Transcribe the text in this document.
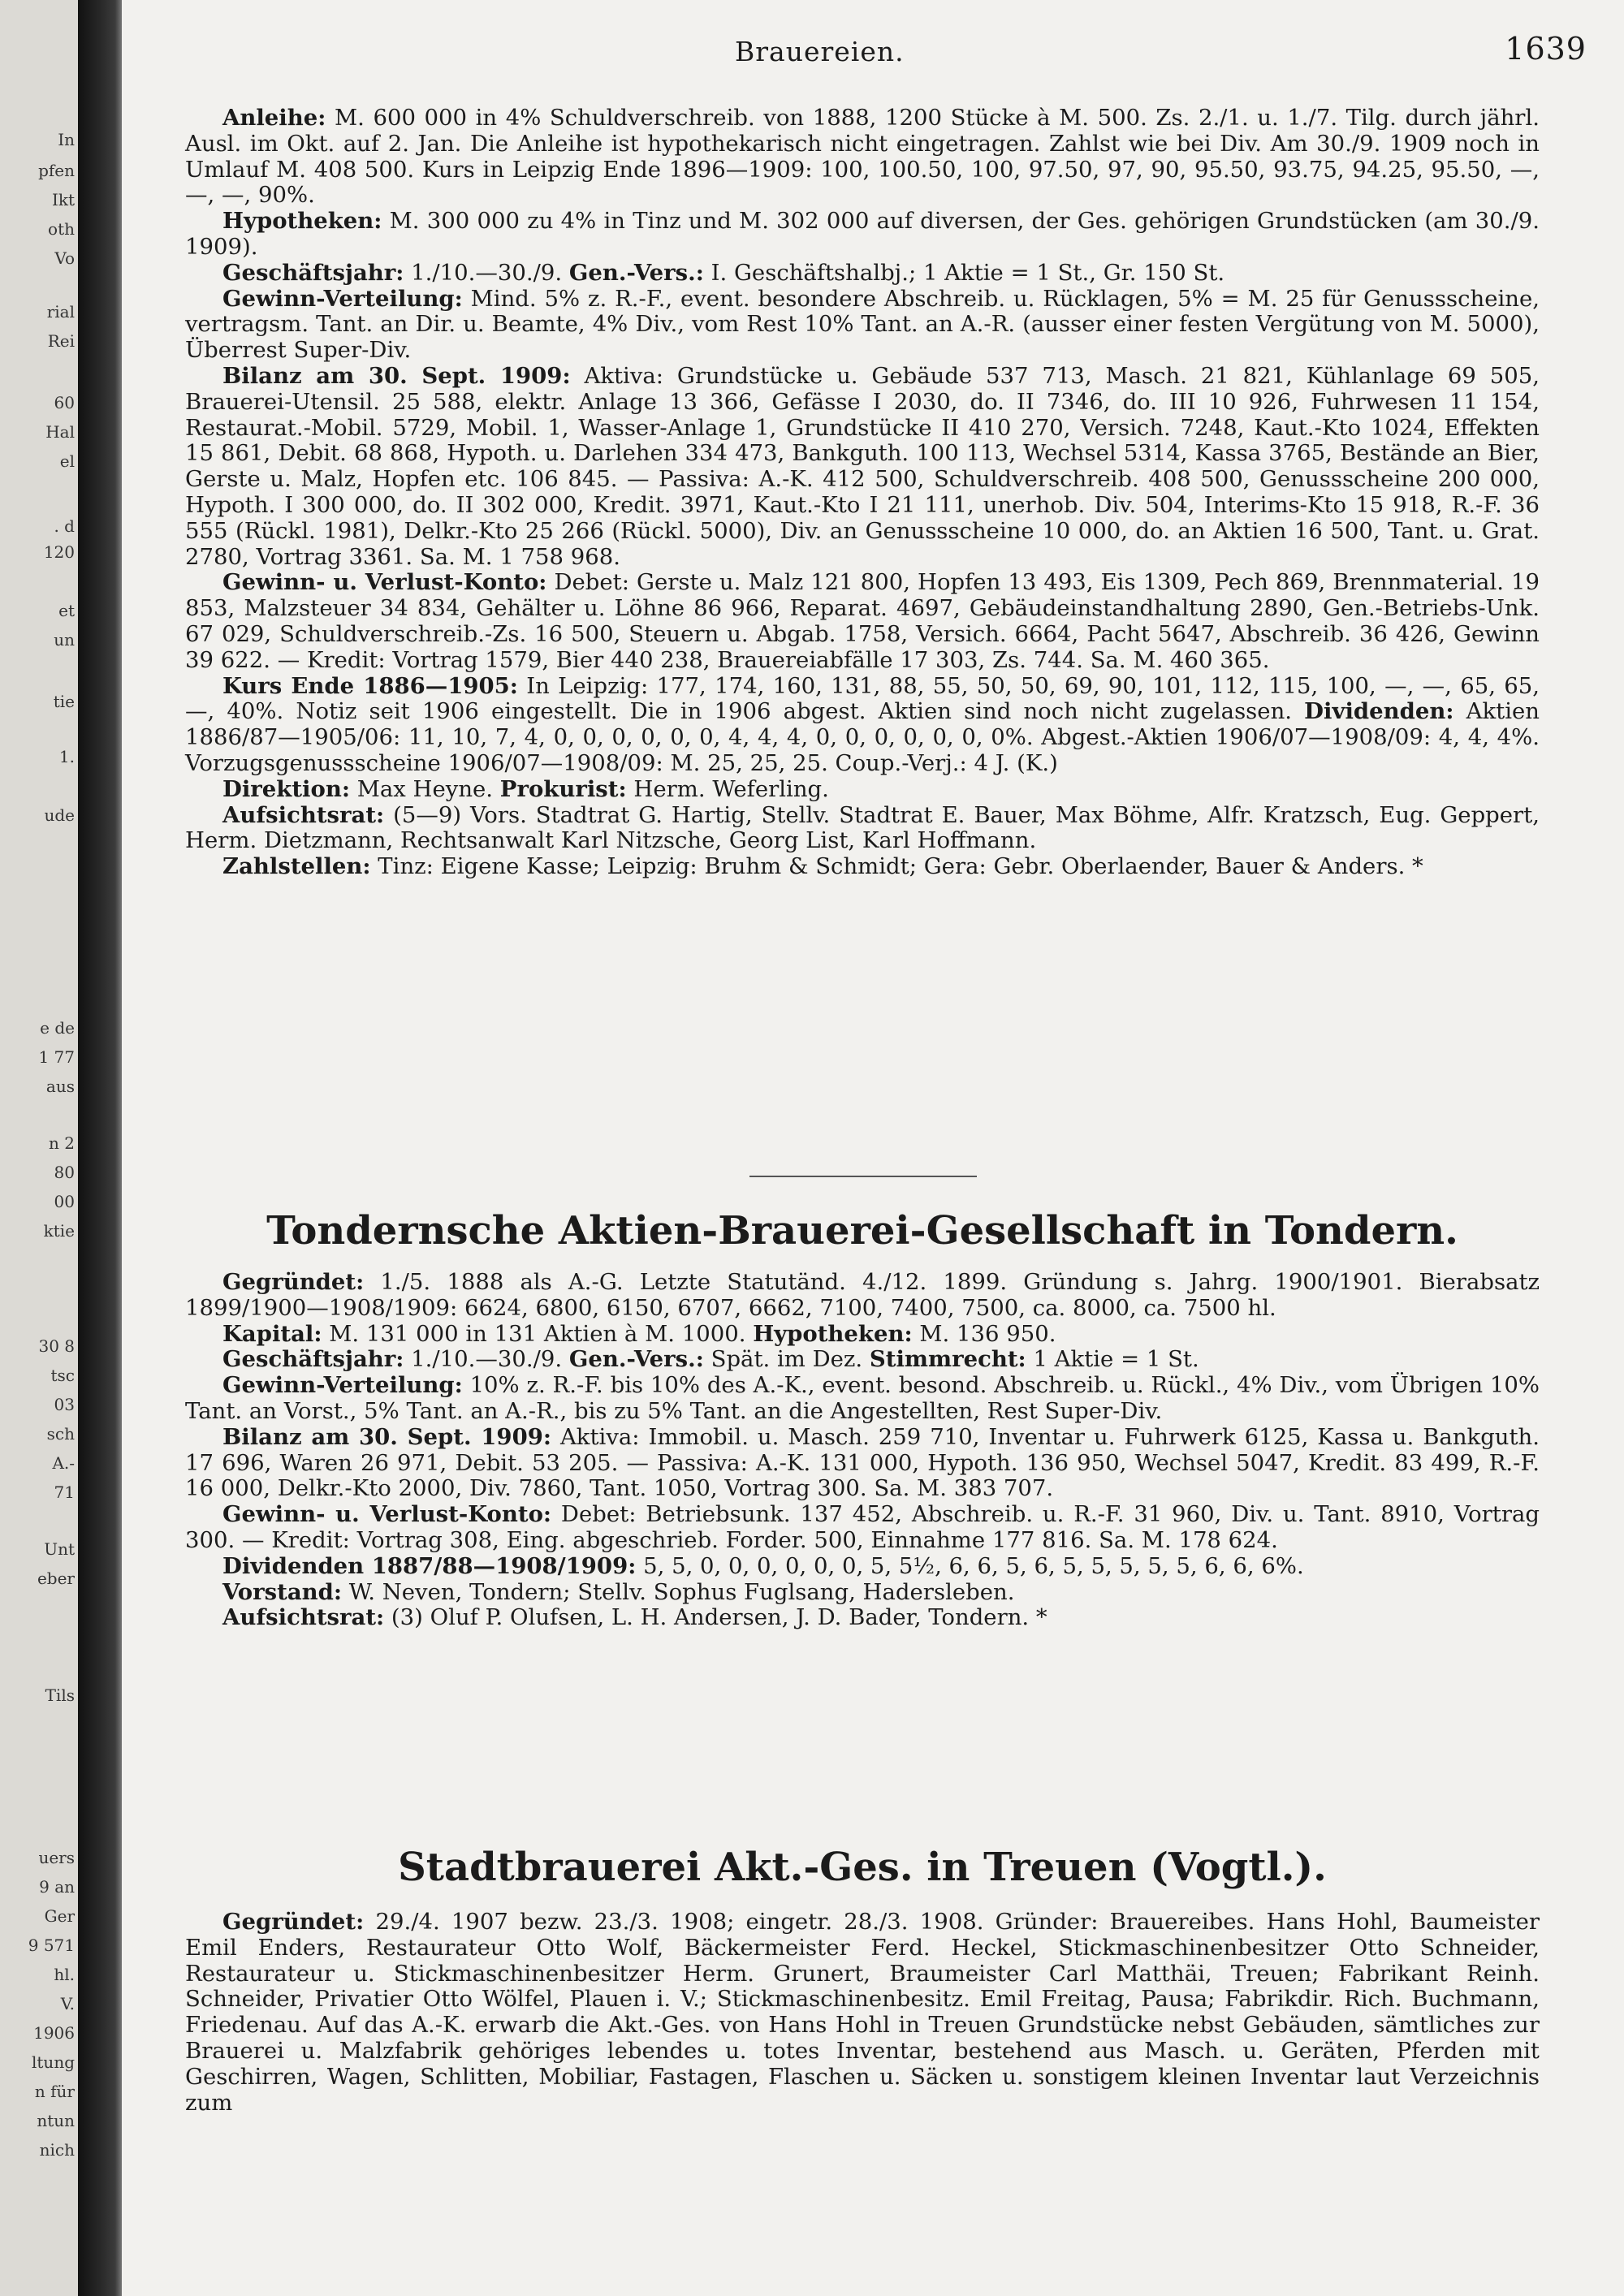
In
pfen
Ikt
oth
Vo
rial
Rei
60
Hal
el
. d
120
et
un
tie
1.
ude
e de
1 77
aus
n 2
80
00
ktie
30 8
tsc
03
sch
A.-
71
Unt
eber
Tils
uers
9 an
Ger
9 571
hl.
V.
1906
ltung
n für
ntun
nich
Brauereien.	1639

Anleihe: M. 600 000 in 4% Schuldverschreib. von 1888, 1200 Stücke à M. 500. Zs. 2./1. u. 1./7. Tilg. durch jährl. Ausl. im Okt. auf 2. Jan. Die Anleihe ist hypothekarisch nicht eingetragen. Zahlst wie bei Div. Am 30./9. 1909 noch in Umlauf M. 408 500. Kurs in Leipzig Ende 1896—1909: 100, 100.50, 100, 97.50, 97, 90, 95.50, 93.75, 94.25, 95.50, —, —, —, 90%.

Hypotheken: M. 300 000 zu 4% in Tinz und M. 302 000 auf diversen, der Ges. gehörigen Grundstücken (am 30./9. 1909).

Geschäftsjahr: 1./10.—30./9. Gen.-Vers.: I. Geschäftshalbj.; 1 Aktie = 1 St., Gr. 150 St.

Gewinn-Verteilung: Mind. 5% z. R.-F., event. besondere Abschreib. u. Rücklagen, 5% = M. 25 für Genussscheine, vertragsm. Tant. an Dir. u. Beamte, 4% Div., vom Rest 10% Tant. an A.-R. (ausser einer festen Vergütung von M. 5000), Überrest Super-Div.

Bilanz am 30. Sept. 1909: Aktiva: Grundstücke u. Gebäude 537 713, Masch. 21 821, Kühlanlage 69 505, Brauerei-Utensil. 25 588, elektr. Anlage 13 366, Gefässe I 2030, do. II 7346, do. III 10 926, Fuhrwesen 11 154, Restaurat.-Mobil. 5729, Mobil. 1, Wasser-Anlage 1, Grundstücke II 410 270, Versich. 7248, Kaut.-Kto 1024, Effekten 15 861, Debit. 68 868, Hypoth. u. Darlehen 334 473, Bankguth. 100 113, Wechsel 5314, Kassa 3765, Bestände an Bier, Gerste u. Malz, Hopfen etc. 106 845. — Passiva: A.-K. 412 500, Schuldverschreib. 408 500, Genussscheine 200 000, Hypoth. I 300 000, do. II 302 000, Kredit. 3971, Kaut.-Kto I 21 111, unerhob. Div. 504, Interims-Kto 15 918, R.-F. 36 555 (Rückl. 1981), Delkr.-Kto 25 266 (Rückl. 5000), Div. an Genussscheine 10 000, do. an Aktien 16 500, Tant. u. Grat. 2780, Vortrag 3361. Sa. M. 1 758 968.

Gewinn- u. Verlust-Konto: Debet: Gerste u. Malz 121 800, Hopfen 13 493, Eis 1309, Pech 869, Brennmaterial. 19 853, Malzsteuer 34 834, Gehälter u. Löhne 86 966, Reparat. 4697, Gebäudeinstandhaltung 2890, Gen.-Betriebs-Unk. 67 029, Schuldverschreib.-Zs. 16 500, Steuern u. Abgab. 1758, Versich. 6664, Pacht 5647, Abschreib. 36 426, Gewinn 39 622. — Kredit: Vortrag 1579, Bier 440 238, Brauereiabfälle 17 303, Zs. 744. Sa. M. 460 365.

Kurs Ende 1886—1905: In Leipzig: 177, 174, 160, 131, 88, 55, 50, 50, 69, 90, 101, 112, 115, 100, —, —, 65, 65, —, 40%. Notiz seit 1906 eingestellt. Die in 1906 abgest. Aktien sind noch nicht zugelassen. Dividenden: Aktien 1886/87—1905/06: 11, 10, 7, 4, 0, 0, 0, 0, 0, 0, 4, 4, 4, 0, 0, 0, 0, 0, 0, 0%. Abgest.-Aktien 1906/07—1908/09: 4, 4, 4%. Vorzugsgenussscheine 1906/07—1908/09: M. 25, 25, 25. Coup.-Verj.: 4 J. (K.)

Direktion: Max Heyne. Prokurist: Herm. Weferling.

Aufsichtsrat: (5—9) Vors. Stadtrat G. Hartig, Stellv. Stadtrat E. Bauer, Max Böhme, Alfr. Kratzsch, Eug. Geppert, Herm. Dietzmann, Rechtsanwalt Karl Nitzsche, Georg List, Karl Hoffmann.

Zahlstellen: Tinz: Eigene Kasse; Leipzig: Bruhm & Schmidt; Gera: Gebr. Oberlaender, Bauer & Anders. *

Tondernsche Aktien-Brauerei-Gesellschaft in Tondern.

Gegründet: 1./5. 1888 als A.-G. Letzte Statutänd. 4./12. 1899. Gründung s. Jahrg. 1900/1901. Bierabsatz 1899/1900—1908/1909: 6624, 6800, 6150, 6707, 6662, 7100, 7400, 7500, ca. 8000, ca. 7500 hl.

Kapital: M. 131 000 in 131 Aktien à M. 1000. Hypotheken: M. 136 950.

Geschäftsjahr: 1./10.—30./9. Gen.-Vers.: Spät. im Dez. Stimmrecht: 1 Aktie = 1 St.

Gewinn-Verteilung: 10% z. R.-F. bis 10% des A.-K., event. besond. Abschreib. u. Rückl., 4% Div., vom Übrigen 10% Tant. an Vorst., 5% Tant. an A.-R., bis zu 5% Tant. an die Angestellten, Rest Super-Div.

Bilanz am 30. Sept. 1909: Aktiva: Immobil. u. Masch. 259 710, Inventar u. Fuhrwerk 6125, Kassa u. Bankguth. 17 696, Waren 26 971, Debit. 53 205. — Passiva: A.-K. 131 000, Hypoth. 136 950, Wechsel 5047, Kredit. 83 499, R.-F. 16 000, Delkr.-Kto 2000, Div. 7860, Tant. 1050, Vortrag 300. Sa. M. 383 707.

Gewinn- u. Verlust-Konto: Debet: Betriebsunk. 137 452, Abschreib. u. R.-F. 31 960, Div. u. Tant. 8910, Vortrag 300. — Kredit: Vortrag 308, Eing. abgeschrieb. Forder. 500, Einnahme 177 816. Sa. M. 178 624.

Dividenden 1887/88—1908/1909: 5, 5, 0, 0, 0, 0, 0, 0, 5, 5½, 6, 6, 5, 6, 5, 5, 5, 5, 5, 6, 6, 6%.

Vorstand: W. Neven, Tondern; Stellv. Sophus Fuglsang, Hadersleben.

Aufsichtsrat: (3) Oluf P. Olufsen, L. H. Andersen, J. D. Bader, Tondern. *

Stadtbrauerei Akt.-Ges. in Treuen (Vogtl.).

Gegründet: 29./4. 1907 bezw. 23./3. 1908; eingetr. 28./3. 1908. Gründer: Brauereibes. Hans Hohl, Baumeister Emil Enders, Restaurateur Otto Wolf, Bäckermeister Ferd. Heckel, Stickmaschinenbesitzer Otto Schneider, Restaurateur u. Stickmaschinenbesitzer Herm. Grunert, Braumeister Carl Matthäi, Treuen; Fabrikant Reinh. Schneider, Privatier Otto Wölfel, Plauen i. V.; Stickmaschinenbesitz. Emil Freitag, Pausa; Fabrikdir. Rich. Buchmann, Friedenau. Auf das A.-K. erwarb die Akt.-Ges. von Hans Hohl in Treuen Grundstücke nebst Gebäuden, sämtliches zur Brauerei u. Malzfabrik gehöriges lebendes u. totes Inventar, bestehend aus Masch. u. Geräten, Pferden mit Geschirren, Wagen, Schlitten, Mobiliar, Fastagen, Flaschen u. Säcken u. sonstigem kleinen Inventar laut Verzeichnis zum
